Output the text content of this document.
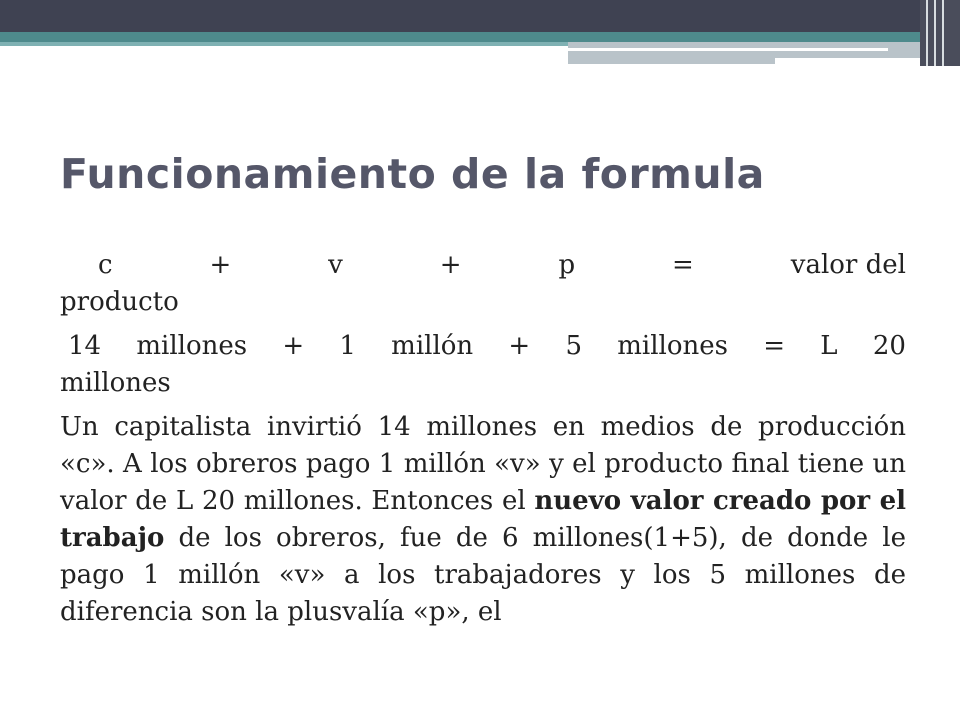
Funcionamiento de la formula
c	+	v	+	p	=	valor del

producto

14 millones + 1 millón + 5 millones = L 20

millones

Un capitalista invirtió 14 millones en medios de producción «c». A los obreros pago 1 millón «v» y el producto final tiene un valor de L 20 millones. Entonces el nuevo valor creado por el trabajo de los obreros, fue de 6 millones(1+5), de donde le pago 1 millón «v» a los trabajadores y los 5 millones de diferencia son la plusvalía «p», el
